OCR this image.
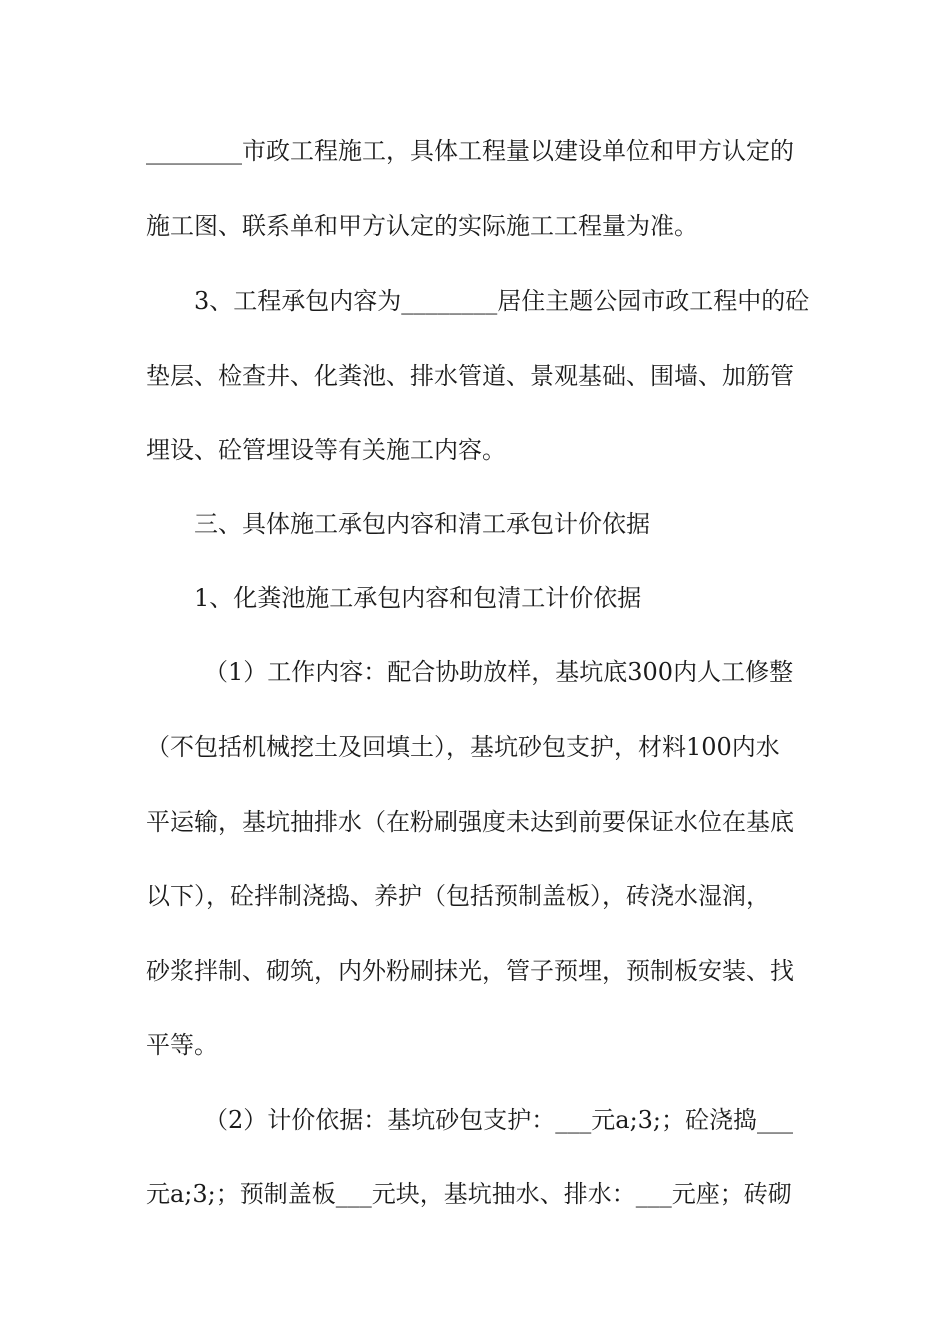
________市政工程施工，具体工程量以建设单位和甲方认定的
施工图、联系单和甲方认定的实际施工工程量为准。
3、工程承包内容为________居住主题公园市政工程中的砼
垫层、检查井、化粪池、排水管道、景观基础、围墙、加筋管
埋设、砼管埋设等有关施工内容。
三、具体施工承包内容和清工承包计价依据
1、化粪池施工承包内容和包清工计价依据
（1）工作内容：配合协助放样，基坑底300内人工修整
（不包括机械挖土及回填土），基坑砂包支护，材料100内水
平运输，基坑抽排水（在粉刷强度未达到前要保证水位在基底
以下），砼拌制浇捣、养护（包括预制盖板），砖浇水湿润，
砂浆拌制、砌筑，内外粉刷抹光，管子预埋，预制板安装、找
平等。
（2）计价依据：基坑砂包支护：___元a;3;；砼浇捣___
元a;3;；预制盖板___元块，基坑抽水、排水：___元座；砖砌
